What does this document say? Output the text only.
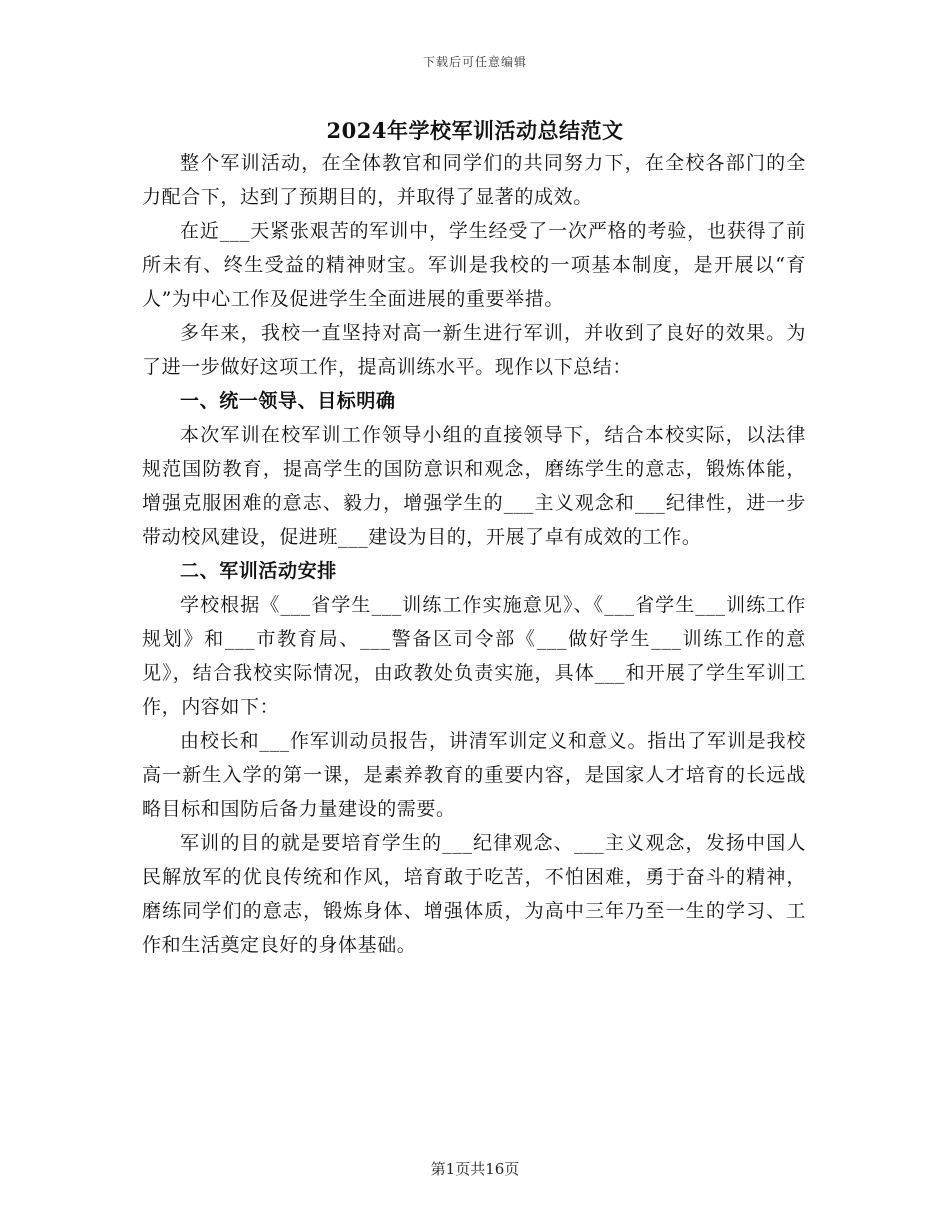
下载后可任意编辑
2024年学校军训活动总结范文

整个军训活动，在全体教官和同学们的共同努力下，在全校各部门的全力配合下，达到了预期目的，并取得了显著的成效。

在近___天紧张艰苦的军训中，学生经受了一次严格的考验，也获得了前所未有、终生受益的精神财宝。军训是我校的一项基本制度，是开展以“育人”为中心工作及促进学生全面进展的重要举措。

多年来，我校一直坚持对高一新生进行军训，并收到了良好的效果。为了进一步做好这项工作，提高训练水平。现作以下总结：

一、统一领导、目标明确

本次军训在校军训工作领导小组的直接领导下，结合本校实际，以法律规范国防教育，提高学生的国防意识和观念，磨练学生的意志，锻炼体能，增强克服困难的意志、毅力，增强学生的___主义观念和___纪律性，进一步带动校风建设，促进班___建设为目的，开展了卓有成效的工作。

二、军训活动安排

学校根据《___省学生___训练工作实施意见》、《___省学生___训练工作规划》和___市教育局、___警备区司令部《___做好学生___训练工作的意见》，结合我校实际情况，由政教处负责实施，具体___和开展了学生军训工作，内容如下：

由校长和___作军训动员报告，讲清军训定义和意义。指出了军训是我校高一新生入学的第一课，是素养教育的重要内容，是国家人才培育的长远战略目标和国防后备力量建设的需要。

军训的目的就是要培育学生的___纪律观念、___主义观念，发扬中国人民解放军的优良传统和作风，培育敢于吃苦，不怕困难，勇于奋斗的精神，磨练同学们的意志，锻炼身体、增强体质，为高中三年乃至一生的学习、工作和生活奠定良好的身体基础。

第1页共16页
